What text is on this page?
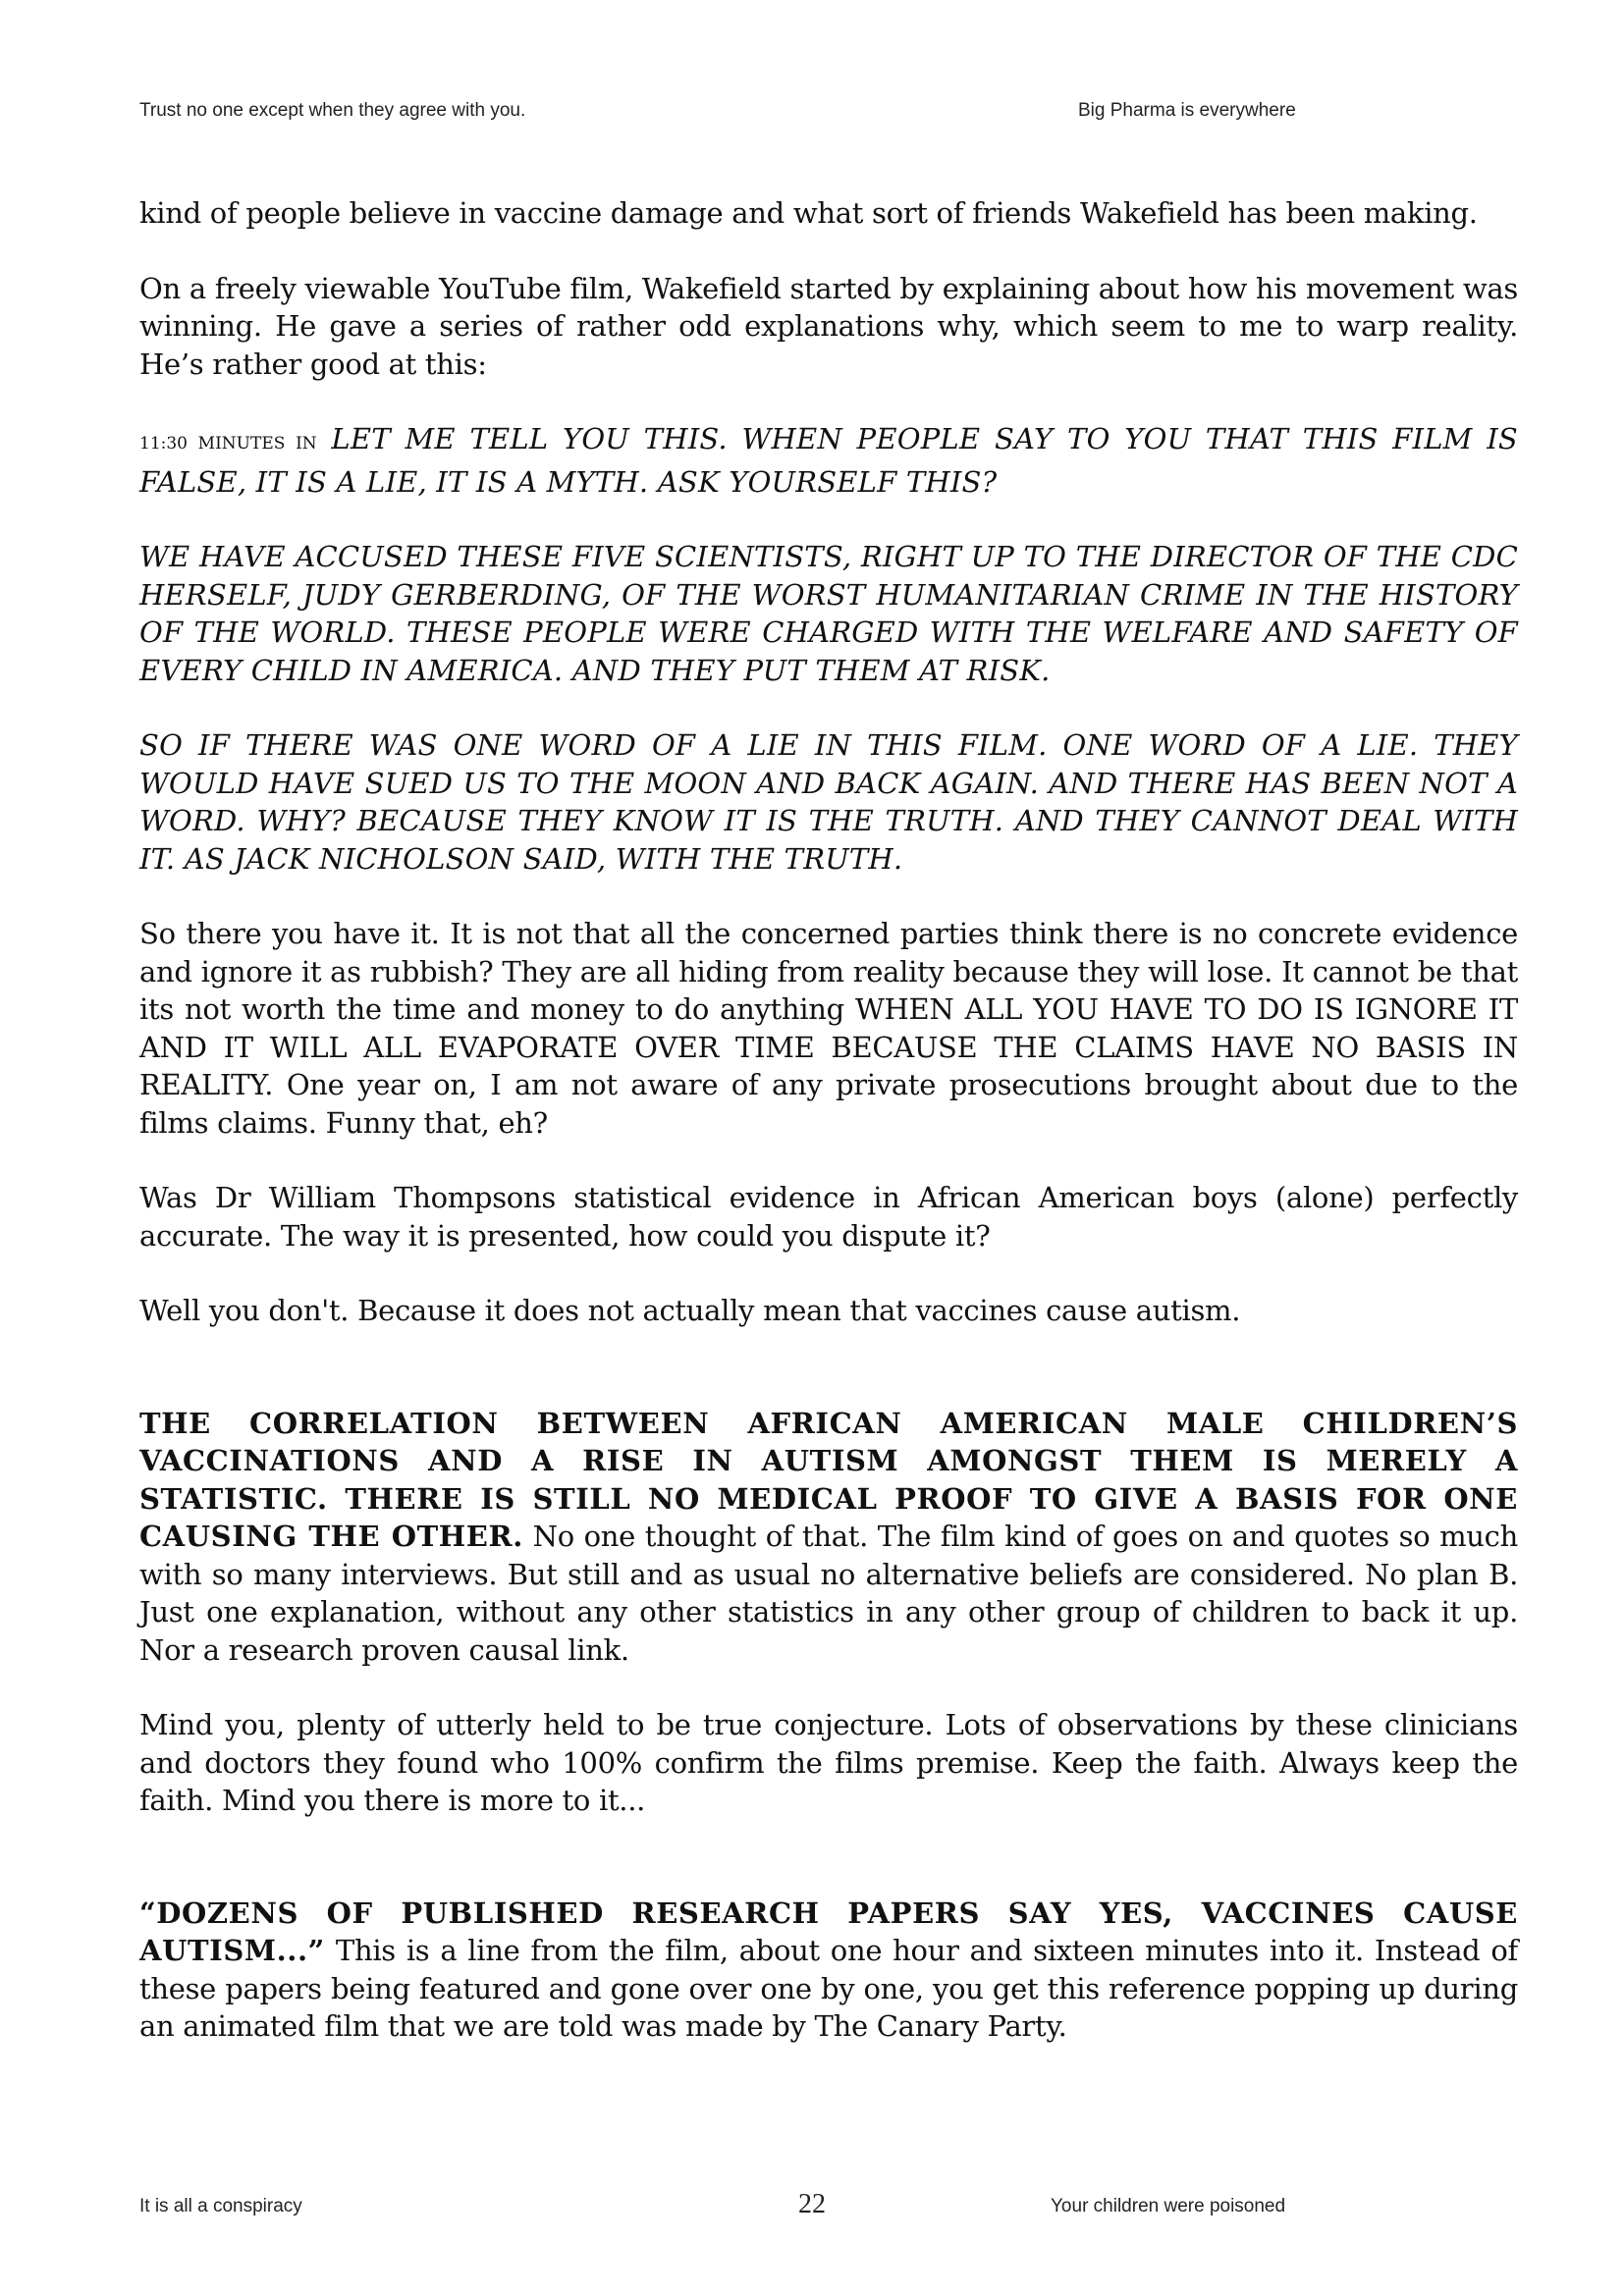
Trust no one except when they agree with you.	Big Pharma is everywhere

kind of people believe in vaccine damage and what sort of friends Wakefield has been making.

On a freely viewable YouTube film, Wakefield started by explaining about how his movement was winning. He gave a series of rather odd explanations why, which seem to me to warp reality. He’s rather good at this:

11:30 MINUTES IN LET ME TELL YOU THIS. WHEN PEOPLE SAY TO YOU THAT THIS FILM IS FALSE, IT IS A LIE, IT IS A MYTH. ASK YOURSELF THIS?

WE HAVE ACCUSED THESE FIVE SCIENTISTS, RIGHT UP TO THE DIRECTOR OF THE CDC HERSELF, JUDY GERBERDING, OF THE WORST HUMANITARIAN CRIME IN THE HISTORY OF THE WORLD. THESE PEOPLE WERE CHARGED WITH THE WELFARE AND SAFETY OF EVERY CHILD IN AMERICA. AND THEY PUT THEM AT RISK.

SO IF THERE WAS ONE WORD OF A LIE IN THIS FILM. ONE WORD OF A LIE. THEY WOULD HAVE SUED US TO THE MOON AND BACK AGAIN. AND THERE HAS BEEN NOT A WORD. WHY? BECAUSE THEY KNOW IT IS THE TRUTH. AND THEY CANNOT DEAL WITH IT. AS JACK NICHOLSON SAID, WITH THE TRUTH.

So there you have it. It is not that all the concerned parties think there is no concrete evidence and ignore it as rubbish? They are all hiding from reality because they will lose. It cannot be that its not worth the time and money to do anything WHEN ALL YOU HAVE TO DO IS IGNORE IT AND IT WILL ALL EVAPORATE OVER TIME BECAUSE THE CLAIMS HAVE NO BASIS IN REALITY. One year on, I am not aware of any private prosecutions brought about due to the films claims. Funny that, eh?

Was Dr William Thompsons statistical evidence in African American boys (alone) perfectly accurate. The way it is presented, how could you dispute it?

Well you don't. Because it does not actually mean that vaccines cause autism.

THE CORRELATION BETWEEN AFRICAN AMERICAN MALE CHILDREN’S VACCINATIONS AND A RISE IN AUTISM AMONGST THEM IS MERELY A STATISTIC. THERE IS STILL NO MEDICAL PROOF TO GIVE A BASIS FOR ONE CAUSING THE OTHER. No one thought of that. The film kind of goes on and quotes so much with so many interviews. But still and as usual no alternative beliefs are considered. No plan B. Just one explanation, without any other statistics in any other group of children to back it up. Nor a research proven causal link.

Mind you, plenty of utterly held to be true conjecture. Lots of observations by these clinicians and doctors they found who 100% confirm the films premise. Keep the faith. Always keep the faith. Mind you there is more to it...

“DOZENS OF PUBLISHED RESEARCH PAPERS SAY YES, VACCINES CAUSE AUTISM...” This is a line from the film, about one hour and sixteen minutes into it. Instead of these papers being featured and gone over one by one, you get this reference popping up during an animated film that we are told was made by The Canary Party.

It is all a conspiracy	22	Your children were poisoned
